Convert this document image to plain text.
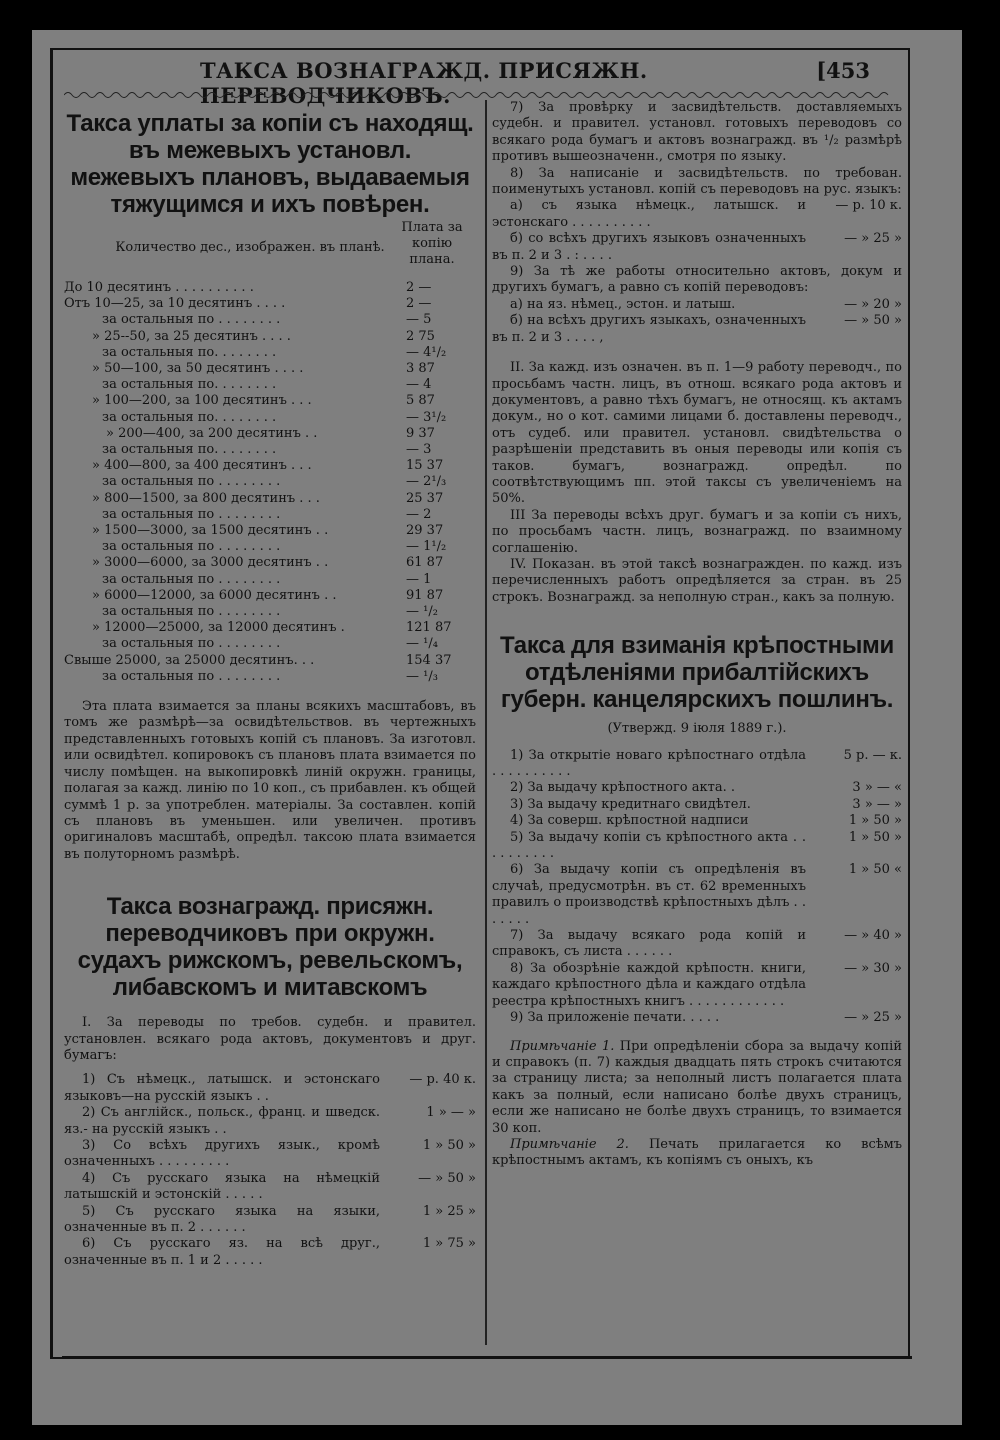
ТАКСА ВОЗНАГРАЖД. ПРИСЯЖН. ПЕРЕВОДЧИКОВЪ.
[453
Такса уплаты за копіи съ находящ. въ межевыхъ установл. межевыхъ плановъ, выдаваемыя тяжущимся и ихъ повѣрен.
Количество дес., изображен. въ планѣ.
Плата за копію плана.
До 10 десятинъ . . . . . . . . . .	2 —
Отъ 10—25, за 10 десятинъ . . . .	2 —
за остальныя по . . . . . . . .	— 5
» 25--50, за 25 десятинъ . . . .	2 75
за остальныя по. . . . . . . .	— 4¹/₂
» 50—100, за 50 десятинъ . . . .	3 87
за остальныя по. . . . . . . .	— 4
» 100—200, за 100 десятинъ . . .	5 87
за остальныя по. . . . . . . .	— 3¹/₂
» 200—400, за 200 десятинъ . .	9 37
за остальныя по. . . . . . . .	— 3
» 400—800, за 400 десятинъ . . .	15 37
за остальныя по . . . . . . . .	— 2¹/₃
» 800—1500, за 800 десятинъ . . .	25 37
за остальныя по . . . . . . . .	— 2
» 1500—3000, за 1500 десятинъ . .	29 37
за остальныя по . . . . . . . .	— 1¹/₂
» 3000—6000, за 3000 десятинъ . .	61 87
за остальныя по . . . . . . . .	— 1
» 6000—12000, за 6000 десятинъ . .	91 87
за остальныя по . . . . . . . .	— ¹/₂
» 12000—25000, за 12000 десятинъ .	121 87
за остальныя по . . . . . . . .	— ¹/₄
Свыше 25000, за 25000 десятинъ. . .	154 37
за остальныя по . . . . . . . .	— ¹/₃

Эта плата взимается за планы всякихъ масштабовъ, въ томъ же размѣрѣ—за освидѣтельствов. въ чертежныхъ представленныхъ готовыхъ копій съ плановъ. За изготовл. или освидѣтел. копировокъ съ плановъ плата взимается по числу помѣщен. на выкопировкѣ линій окружн. границы, полагая за кажд. линію по 10 коп., съ прибавлен. къ общей суммѣ 1 р. за употреблен. матеріалы. За составлен. копій съ плановъ въ уменьшен. или увеличен. противъ оригиналовъ масштабѣ, опредѣл. таксою плата взимается въ полуторномъ размѣрѣ.

Такса вознагражд. присяжн. переводчиковъ при окружн. судахъ рижскомъ, ревельскомъ, либавскомъ и митавскомъ

I. За переводы по требов. судебн. и правител. установлен. всякаго рода актовъ, документовъ и друг. бумагъ:

1) Съ нѣмецк., латышск. и эстонскаго языковъ—на русскій языкъ . .
— р. 40 к.
2) Съ англійск., польск., франц. и шведск. яз.- на русскій языкъ . .
1 » — »
3) Со всѣхъ другихъ язык., кромѣ означенныхъ . . . . . . . . .
1 » 50 »
4) Съ русскаго языка на нѣмецкій латышскій и эстонскій . . . . .
— » 50 »
5) Съ русскаго языка на языки, означенные въ п. 2 . . . . . .
1 » 25 »
6) Съ русскаго яз. на всѣ друг., означенные въ п. 1 и 2 . . . . .
1 » 75 »
7) За провѣрку и засвидѣтельств. доставляемыхъ судебн. и правител. установл. готовыхъ переводовъ со всякаго рода бумагъ и актовъ вознагражд. въ ¹/₂ размѣрѣ противъ вышеозначенн., смотря по языку.
8) За написаніе и засвидѣтельств. по требован. поименутыхъ установл. копій съ переводовъ на рус. языкъ:
а) съ языка нѣмецк., латышск. и эстонскаго . . . . . . . . . .
— р. 10 к.
б) со всѣхъ другихъ языковъ означенныхъ въ п. 2 и 3 . : . . . .
— » 25 »
9) За тѣ же работы относительно актовъ, докум и другихъ бумагъ, а равно съ копій переводовъ:
а) на яз. нѣмец., эстон. и латыш.	— » 20 »
б) на всѣхъ другихъ языкахъ, означенныхъ въ п. 2 и 3 . . . . ,
— » 50 »

II. За кажд. изъ означен. въ п. 1—9 работу переводч., по просьбамъ частн. лицъ, въ отнош. всякаго рода актовъ и документовъ, а равно тѣхъ бумагъ, не относящ. къ актамъ докум., но о кот. самими лицами б. доставлены переводч., отъ судеб. или правител. установл. свидѣтельства о разрѣшеніи представить въ оныя переводы или копія съ таков. бумагъ, вознагражд. опредѣл. по соотвѣтствующимъ пп. этой таксы съ увеличеніемъ на 50%.

III За переводы всѣхъ друг. бумагъ и за копіи съ нихъ, по просьбамъ частн. лицъ, вознагражд. по взаимному соглашенію.

IV. Показан. въ этой таксѣ вознагражден. по кажд. изъ перечисленныхъ работъ опредѣляется за стран. въ 25 строкъ. Вознагражд. за неполную стран., какъ за полную.

Такса для взиманія крѣпостными отдѣленіями прибалтійскихъ губерн. канцелярскихъ пошлинъ.
(Утвержд. 9 іюля 1889 г.).
1) За открытіе новаго крѣпостнаго отдѣла . . . . . . . . . .
5 р. — к.
2) За выдачу крѣпостного акта. .	3 » — «
3) За выдачу кредитнаго свидѣтел.	3 » — »
4) За соверш. крѣпостной надписи	1 » 50 »
5) За выдачу копіи съ крѣпостного акта . . . . . . . . . .
1 » 50 »
6) За выдачу копіи съ опредѣленія въ случаѣ, предусмотрѣн. въ ст. 62 временныхъ правилъ о производствѣ крѣпостныхъ дѣлъ . . . . . . .
1 » 50 «
7) За выдачу всякаго рода копій и справокъ, съ листа . . . . . .
— » 40 »
8) За обозрѣніе каждой крѣпостн. книги, каждаго крѣпостного дѣла и каждаго отдѣла реестра крѣпостныхъ книгъ . . . . . . . . . . . .
— » 30 »
9) За приложеніе печати. . . . .	— » 25 »

Примѣчаніе 1. При опредѣленіи сбора за выдачу копій и справокъ (п. 7) каждыя двадцать пять строкъ считаются за страницу листа; за неполный листъ полагается плата какъ за полный, если написано болѣе двухъ страницъ, если же написано не болѣе двухъ страницъ, то взимается 30 коп.

Примѣчаніе 2. Печать прилагается ко всѣмъ крѣпостнымъ актамъ, къ копіямъ съ оныхъ, къ
